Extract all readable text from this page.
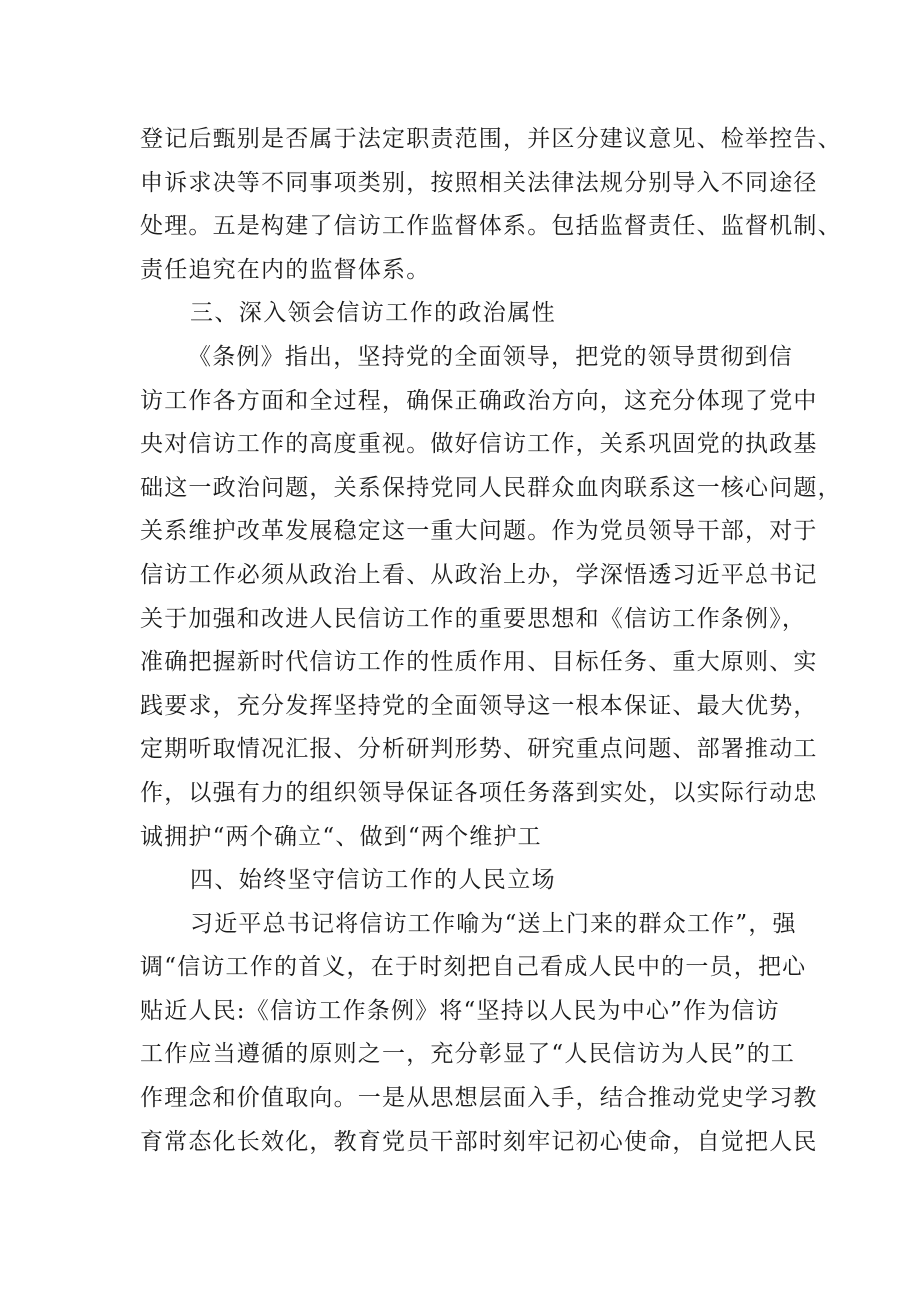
登记后甄别是否属于法定职责范围，并区分建议意见、检举控告、
申诉求决等不同事项类别，按照相关法律法规分别导入不同途径
处理。五是构建了信访工作监督体系。包括监督责任、监督机制、
责任追究在内的监督体系。
三、深入领会信访工作的政治属性
《条例》指出，坚持党的全面领导，把党的领导贯彻到信
访工作各方面和全过程，确保正确政治方向，这充分体现了党中
央对信访工作的高度重视。做好信访工作，关系巩固党的执政基
础这一政治问题，关系保持党同人民群众血肉联系这一核心问题，
关系维护改革发展稳定这一重大问题。作为党员领导干部，对于
信访工作必须从政治上看、从政治上办，学深悟透习近平总书记
关于加强和改进人民信访工作的重要思想和《信访工作条例》，
准确把握新时代信访工作的性质作用、目标任务、重大原则、实
践要求，充分发挥坚持党的全面领导这一根本保证、最大优势，
定期听取情况汇报、分析研判形势、研究重点问题、部署推动工
作，以强有力的组织领导保证各项任务落到实处，以实际行动忠
诚拥护“两个确立“、做到“两个维护工
四、始终坚守信访工作的人民立场
习近平总书记将信访工作喻为“送上门来的群众工作”，强
调“信访工作的首义，在于时刻把自己看成人民中的一员，把心
贴近人民:《信访工作条例》将“坚持以人民为中心”作为信访
工作应当遵循的原则之一，充分彰显了“人民信访为人民”的工
作理念和价值取向。一是从思想层面入手，结合推动党史学习教
育常态化长效化，教育党员干部时刻牢记初心使命，自觉把人民
